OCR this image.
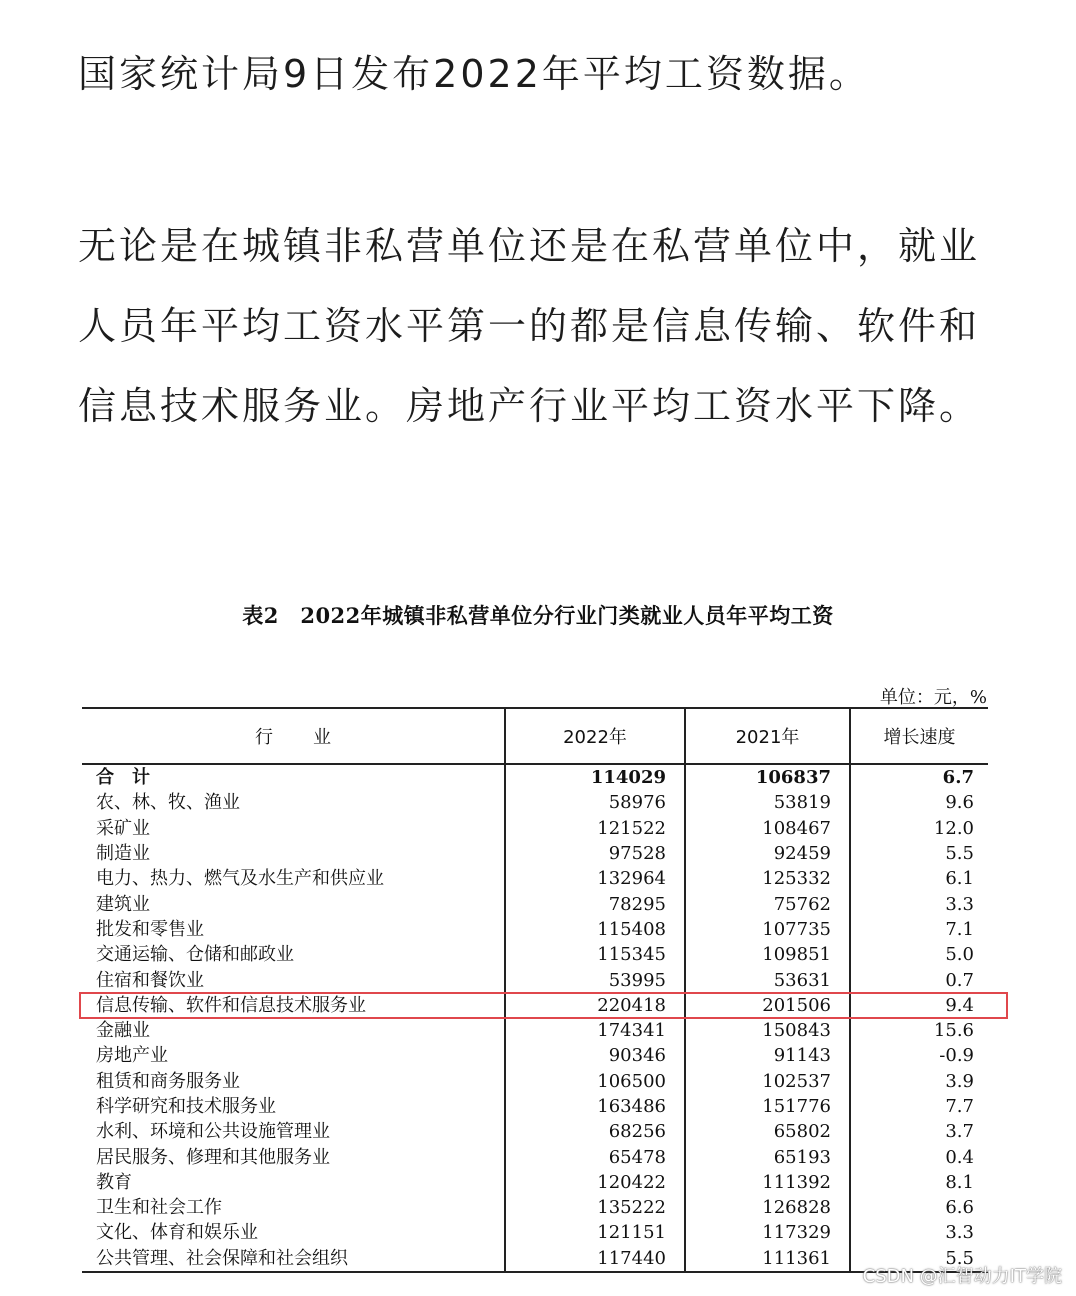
国家统计局9日发布2022年平均工资数据。

无论是在城镇非私营单位还是在私营单位中，就业人员年平均工资水平第一的都是信息传输、软件和信息技术服务业。房地产行业平均工资水平下降。

表2　2022年城镇非私营单位分行业门类就业人员年平均工资
单位：元，%
行业	2022年	2021年	增长速度
合计	114029	106837	6.7
农、林、牧、渔业	58976	53819	9.6
采矿业	121522	108467	12.0
制造业	97528	92459	5.5
电力、热力、燃气及水生产和供应业	132964	125332	6.1
建筑业	78295	75762	3.3
批发和零售业	115408	107735	7.1
交通运输、仓储和邮政业	115345	109851	5.0
住宿和餐饮业	53995	53631	0.7
信息传输、软件和信息技术服务业	220418	201506	9.4
金融业	174341	150843	15.6
房地产业	90346	91143	-0.9
租赁和商务服务业	106500	102537	3.9
科学研究和技术服务业	163486	151776	7.7
水利、环境和公共设施管理业	68256	65802	3.7
居民服务、修理和其他服务业	65478	65193	0.4
教育	120422	111392	8.1
卫生和社会工作	135222	126828	6.6
文化、体育和娱乐业	121151	117329	3.3
公共管理、社会保障和社会组织	117440	111361	5.5
CSDN @汇智动力IT学院
